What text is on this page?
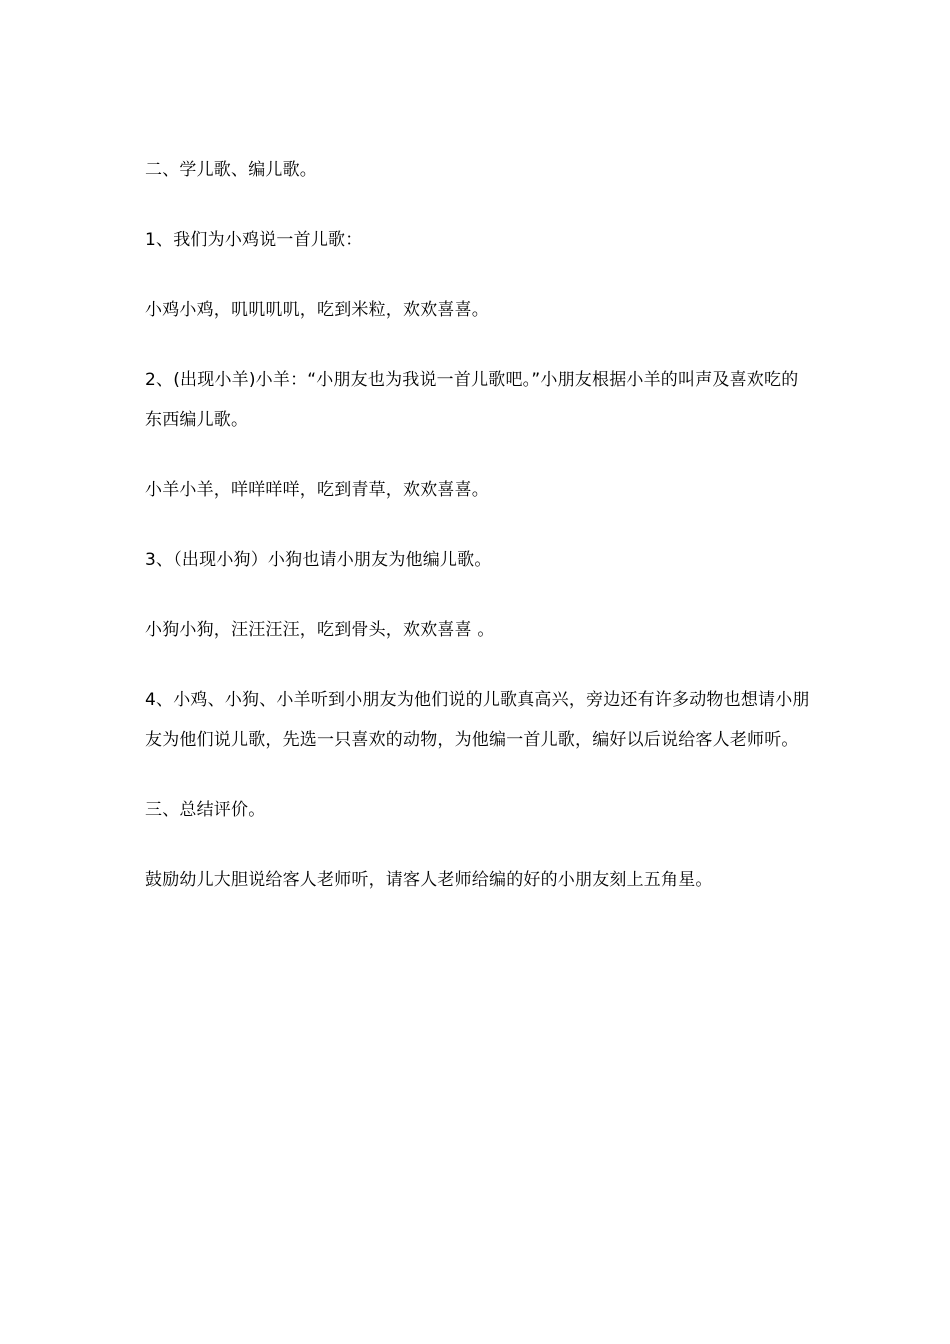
二、学儿歌、编儿歌。

1、我们为小鸡说一首儿歌：

小鸡小鸡，叽叽叽叽，吃到米粒，欢欢喜喜。

2、(出现小羊)小羊：“小朋友也为我说一首儿歌吧。”小朋友根据小羊的叫声及喜欢吃的东西编儿歌。

小羊小羊，咩咩咩咩，吃到青草，欢欢喜喜。

3、（出现小狗）小狗也请小朋友为他编儿歌。

小狗小狗，汪汪汪汪，吃到骨头，欢欢喜喜 。

4、小鸡、小狗、小羊听到小朋友为他们说的儿歌真高兴，旁边还有许多动物也想请小朋友为他们说儿歌，先选一只喜欢的动物，为他编一首儿歌，编好以后说给客人老师听。

三、总结评价。

鼓励幼儿大胆说给客人老师听，请客人老师给编的好的小朋友刻上五角星。
